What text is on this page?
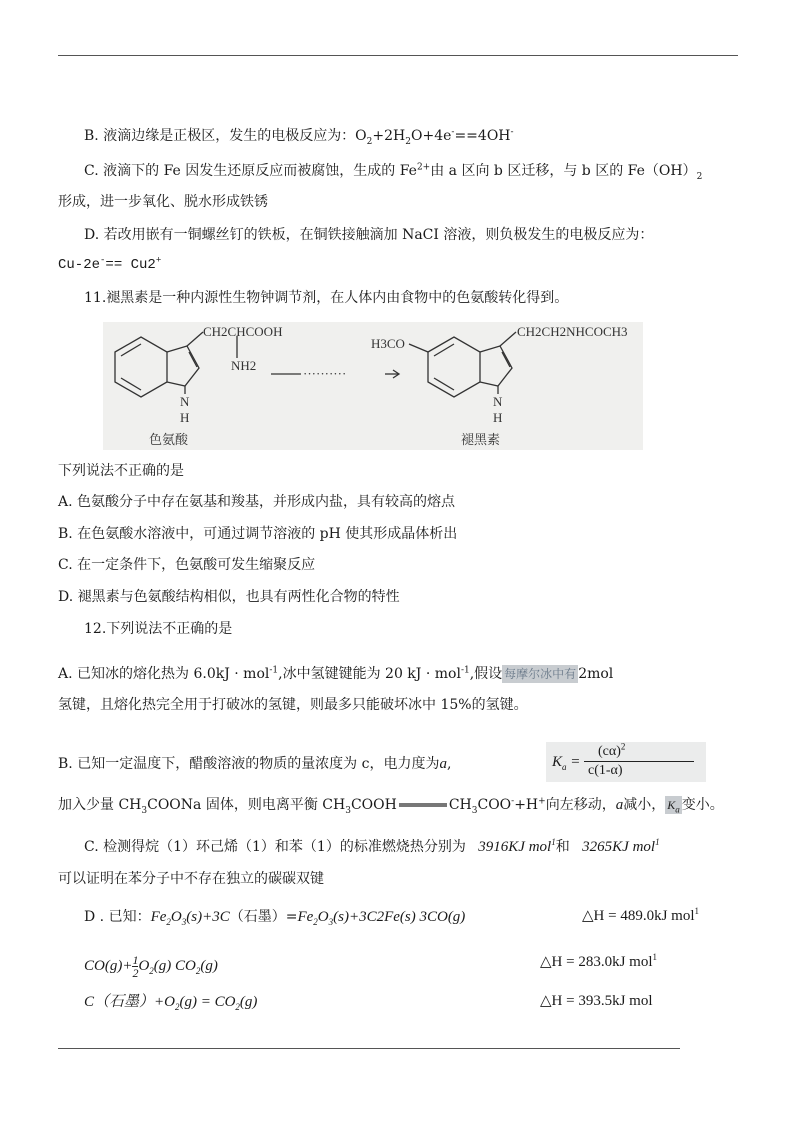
B. 液滴边缘是正极区，发生的电极反应为：$O_2+2H_2O+4e^-==4OH^-$
C. 液滴下的 Fe 因发生还原反应而被腐蚀，生成的 $Fe^{2+}$由 a 区向 b 区迁移，与 b 区的 $Fe(OH)_2$
形成，进一步氧化、脱水形成铁锈
D. 若改用嵌有一铜螺丝钉的铁板，在铜铁接触滴加 NaCI 溶液，则负极发生的电极反应为：
Cu-2e-== Cu2+
11.褪黑素是一种内源性生物钟调节剂，在人体内由食物中的色氨酸转化得到。
CH2CHCOOH
NH2
N
H
色氨酸
··········
H3CO
CH2CH2NHCOCH3
N
H
褪黑素
下列说法不正确的是
A. 色氨酸分子中存在氨基和羧基，并形成内盐，具有较高的熔点
B. 在色氨酸水溶液中，可通过调节溶液的 pH 使其形成晶体析出
C. 在一定条件下，色氨酸可发生缩聚反应
D. 褪黑素与色氨酸结构相似，也具有两性化合物的特性
12.下列说法不正确的是
A. 已知冰的熔化热为 6.0kJ · mol$^{-1}$,冰中氢键键能为 20 kJ · mol$^{-1}$,假设 每摩尔冰中有 2mol
氢键，且熔化热完全用于打破冰的氢键，则最多只能破坏冰中 15%的氢键。
B. 已知一定温度下，醋酸溶液的物质的量浓度为 c，电力度为a,	$K_a$ =
$(c\alpha)^2$
c(1-α)
加入少量 $CH_3COONa$ 固体，则电离平衡 $CH_3COOH$	$CH_3COO^-+H^+$向左移动，a减小， $K_a$ 变小。
C. 检测得烷（1）环己烯（1）和苯（1）的标准燃烧热分别为 3916KJ mol$^1$和 3265KJ mol$^1$
可以证明在苯分子中不存在独立的碳碳双键
D . 已知：$Fe_2O_3(s)+3C$（石墨）$=Fe_2O_3(s)+3C2Fe(s)$ 3CO(g)	△H = 489.0kJ mol$^1$
$CO(g)+ \frac{1}{2} O_2(g)$ $CO_2(g)$	△H = 283.0kJ mol$^1$
C（石墨）$+O_2(g) = CO_2(g)$	△H = 393.5kJ mol
